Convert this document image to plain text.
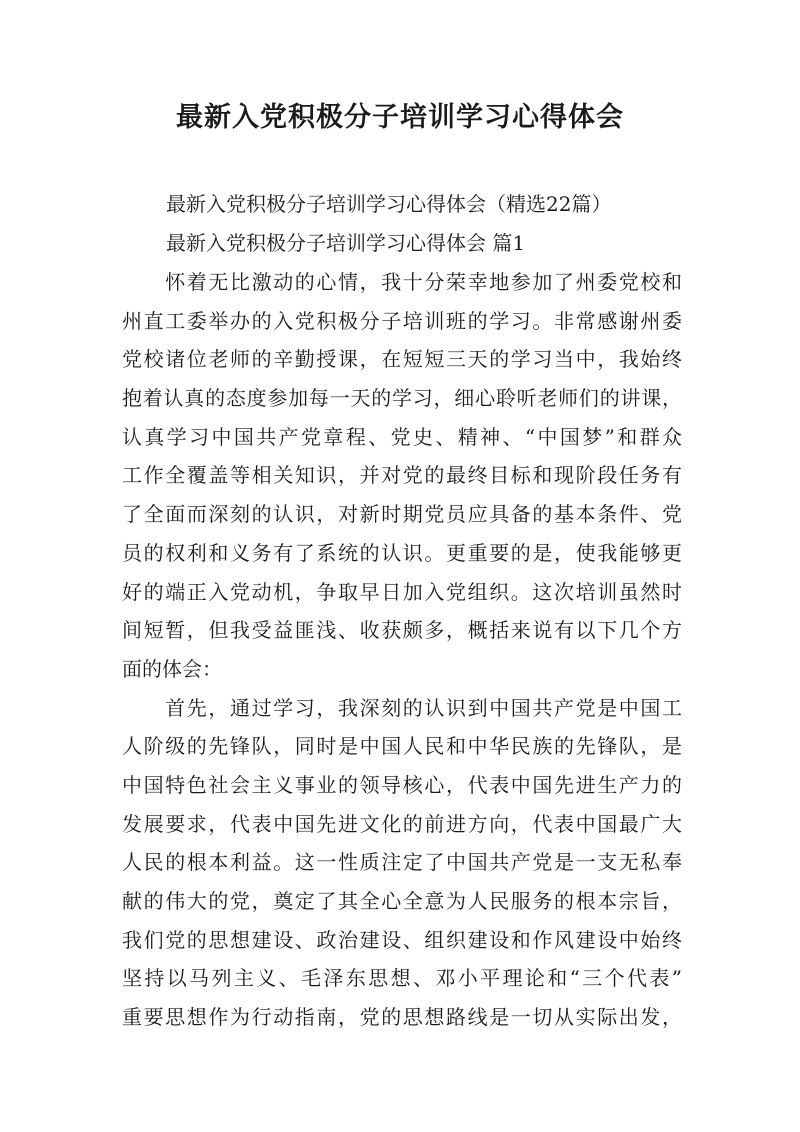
最新入党积极分子培训学习心得体会
最新入党积极分子培训学习心得体会（精选22篇）
最新入党积极分子培训学习心得体会 篇1
　　怀着无比激动的心情，我十分荣幸地参加了州委党校和
州直工委举办的入党积极分子培训班的学习。非常感谢州委
党校诸位老师的辛勤授课，在短短三天的学习当中，我始终
抱着认真的态度参加每一天的学习，细心聆听老师们的讲课，
认真学习中国共产党章程、党史、精神、“中国梦”和群众
工作全覆盖等相关知识，并对党的最终目标和现阶段任务有
了全面而深刻的认识，对新时期党员应具备的基本条件、党
员的权利和义务有了系统的认识。更重要的是，使我能够更
好的端正入党动机，争取早日加入党组织。这次培训虽然时
间短暂，但我受益匪浅、收获颇多，概括来说有以下几个方
面的体会：
　　首先，通过学习，我深刻的认识到中国共产党是中国工
人阶级的先锋队，同时是中国人民和中华民族的先锋队，是
中国特色社会主义事业的领导核心，代表中国先进生产力的
发展要求，代表中国先进文化的前进方向，代表中国最广大
人民的根本利益。这一性质注定了中国共产党是一支无私奉
献的伟大的党，奠定了其全心全意为人民服务的根本宗旨，
我们党的思想建设、政治建设、组织建设和作风建设中始终
坚持以马列主义、毛泽东思想、邓小平理论和“三个代表”
重要思想作为行动指南，党的思想路线是一切从实际出发，
